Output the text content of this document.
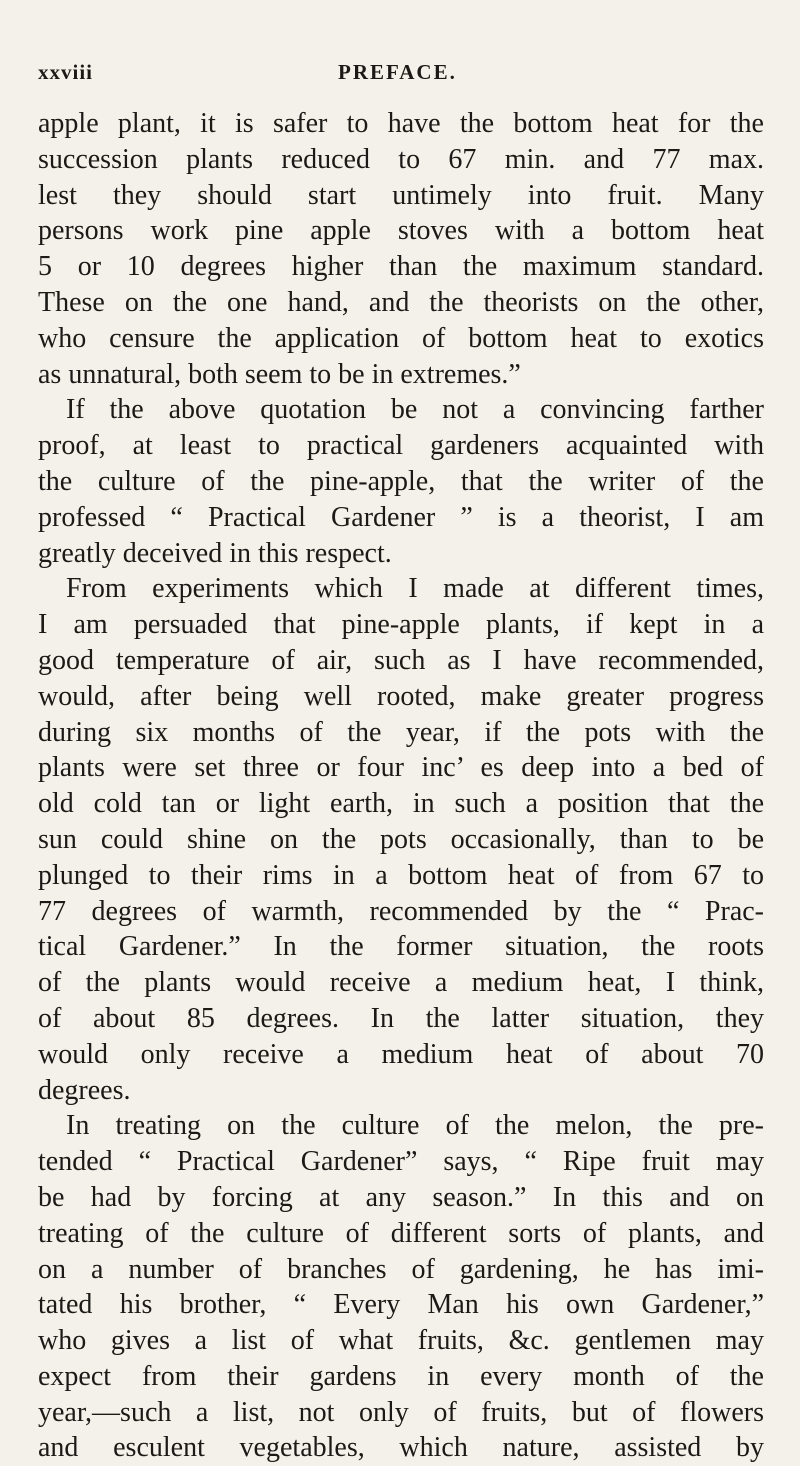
xxviii	PREFACE.
apple plant, it is safer to have the bottom heat for the
succession plants reduced to 67 min. and 77 max.
lest they should start untimely into fruit. Many
persons work pine apple stoves with a bottom heat
5 or 10 degrees higher than the maximum standard.
These on the one hand, and the theorists on the other,
who censure the application of bottom heat to exotics
as unnatural, both seem to be in extremes.”
If the above quotation be not a convincing farther
proof, at least to practical gardeners acquainted with
the culture of the pine-apple, that the writer of the
professed “ Practical Gardener ” is a theorist, I am
greatly deceived in this respect.
From experiments which I made at different times,
I am persuaded that pine-apple plants, if kept in a
good temperature of air, such as I have recommended,
would, after being well rooted, make greater progress
during six months of the year, if the pots with the
plants were set three or four inc’ es deep into a bed of
old cold tan or light earth, in such a position that the
sun could shine on the pots occasionally, than to be
plunged to their rims in a bottom heat of from 67 to
77 degrees of warmth, recommended by the “ Prac-
tical Gardener.” In the former situation, the roots
of the plants would receive a medium heat, I think,
of about 85 degrees. In the latter situation, they
would only receive a medium heat of about 70
degrees.
In treating on the culture of the melon, the pre-
tended “ Practical Gardener” says, “ Ripe fruit may
be had by forcing at any season.” In this and on
treating of the culture of different sorts of plants, and
on a number of branches of gardening, he has imi-
tated his brother, “ Every Man his own Gardener,”
who gives a list of what fruits, &c. gentlemen may
expect from their gardens in every month of the
year,—such a list, not only of fruits, but of flowers
and esculent vegetables, which nature, assisted by
